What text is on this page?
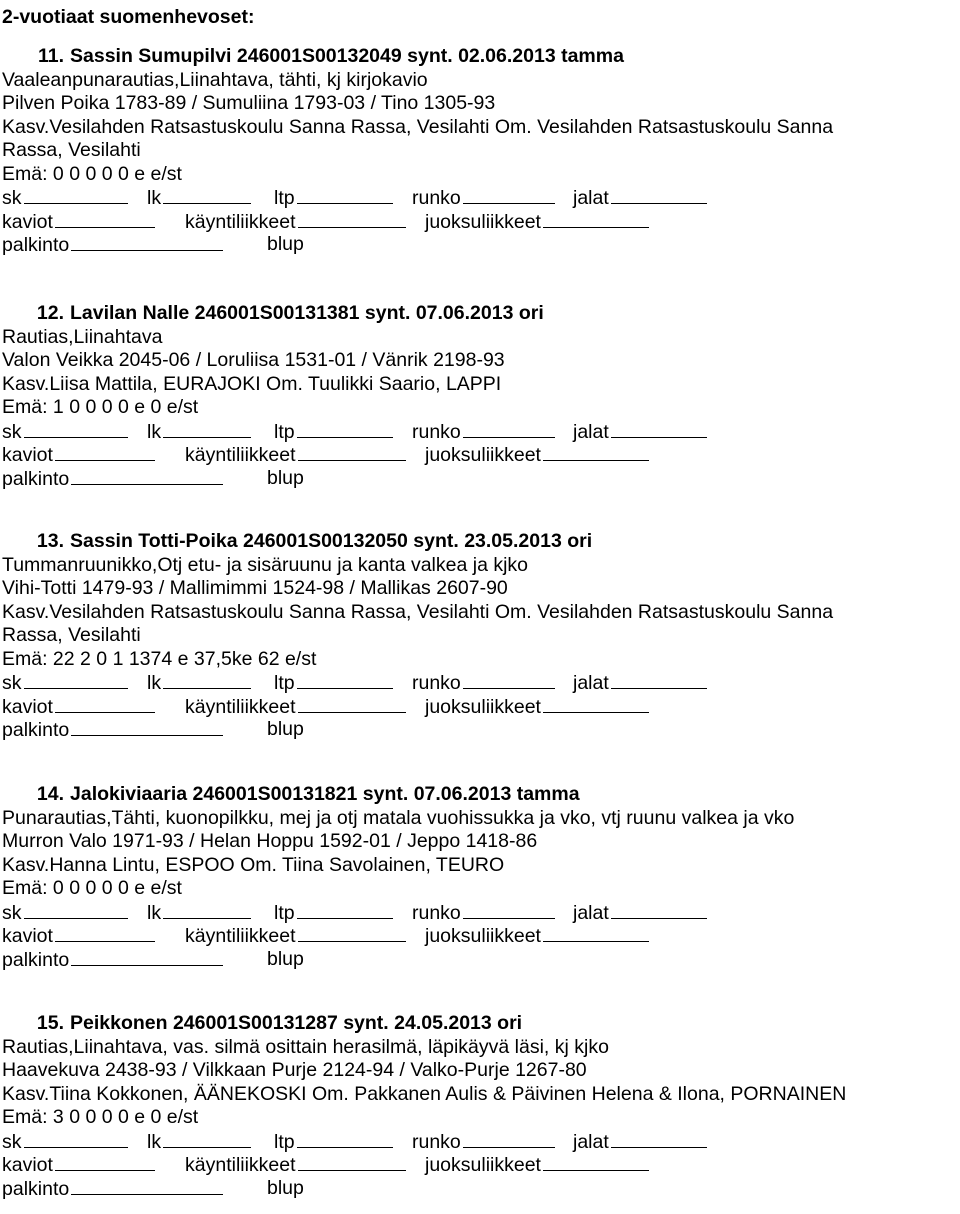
2-vuotiaat suomenhevoset:
11. Sassin Sumupilvi 246001S00132049 synt. 02.06.2013 tamma
Vaaleanpunarautias,Liinahtava, tähti, kj kirjokavio
Pilven Poika 1783-89 / Sumuliina 1793-03 / Tino 1305-93
Kasv.Vesilahden Ratsastuskoulu Sanna Rassa, Vesilahti Om. Vesilahden Ratsastuskoulu Sanna
Rassa, Vesilahti
Emä: 0 0 0 0 0 e e/st
sk	lk	ltp	runko	jalat
kaviot	käyntiliikkeet	juoksuliikkeet
palkinto	blup
12. Lavilan Nalle 246001S00131381 synt. 07.06.2013 ori
Rautias,Liinahtava
Valon Veikka 2045-06 / Loruliisa 1531-01 / Vänrik 2198-93
Kasv.Liisa Mattila, EURAJOKI Om. Tuulikki Saario, LAPPI
Emä: 1 0 0 0 0 e 0 e/st
sk	lk	ltp	runko	jalat
kaviot	käyntiliikkeet	juoksuliikkeet
palkinto	blup
13. Sassin Totti-Poika 246001S00132050 synt. 23.05.2013 ori
Tummanruunikko,Otj etu- ja sisäruunu ja kanta valkea ja kjko
Vihi-Totti 1479-93 / Mallimimmi 1524-98 / Mallikas 2607-90
Kasv.Vesilahden Ratsastuskoulu Sanna Rassa, Vesilahti Om. Vesilahden Ratsastuskoulu Sanna
Rassa, Vesilahti
Emä: 22 2 0 1 1374 e 37,5ke 62 e/st
sk	lk	ltp	runko	jalat
kaviot	käyntiliikkeet	juoksuliikkeet
palkinto	blup
14. Jalokiviaaria 246001S00131821 synt. 07.06.2013 tamma
Punarautias,Tähti, kuonopilkku, mej ja otj matala vuohissukka ja vko, vtj ruunu valkea ja vko
Murron Valo 1971-93 / Helan Hoppu 1592-01 / Jeppo 1418-86
Kasv.Hanna Lintu, ESPOO Om. Tiina Savolainen, TEURO
Emä: 0 0 0 0 0 e e/st
sk	lk	ltp	runko	jalat
kaviot	käyntiliikkeet	juoksuliikkeet
palkinto	blup
15. Peikkonen 246001S00131287 synt. 24.05.2013 ori
Rautias,Liinahtava, vas. silmä osittain herasilmä, läpikäyvä läsi, kj kjko
Haavekuva 2438-93 / Vilkkaan Purje 2124-94 / Valko-Purje 1267-80
Kasv.Tiina Kokkonen, ÄÄNEKOSKI Om. Pakkanen Aulis & Päivinen Helena & Ilona, PORNAINEN
Emä: 3 0 0 0 0 e 0 e/st
sk	lk	ltp	runko	jalat
kaviot	käyntiliikkeet	juoksuliikkeet
palkinto	blup
